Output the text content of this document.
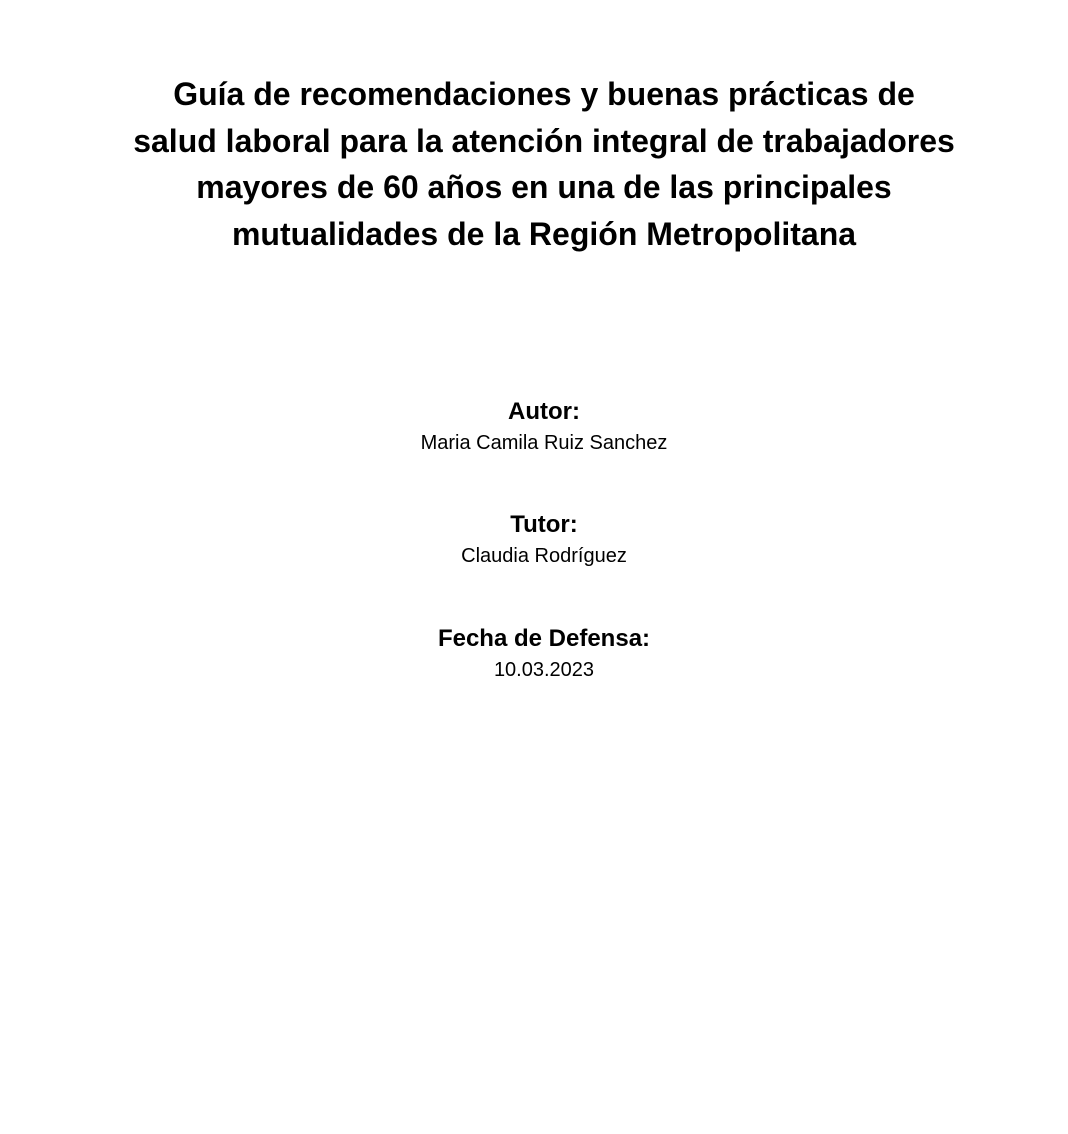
Guía de recomendaciones y buenas prácticas de
salud laboral para la atención integral de trabajadores
mayores de 60 años en una de las principales
mutualidades de la Región Metropolitana
Autor:
Maria Camila Ruiz Sanchez
Tutor:
Claudia Rodríguez
Fecha de Defensa:
10.03.2023
